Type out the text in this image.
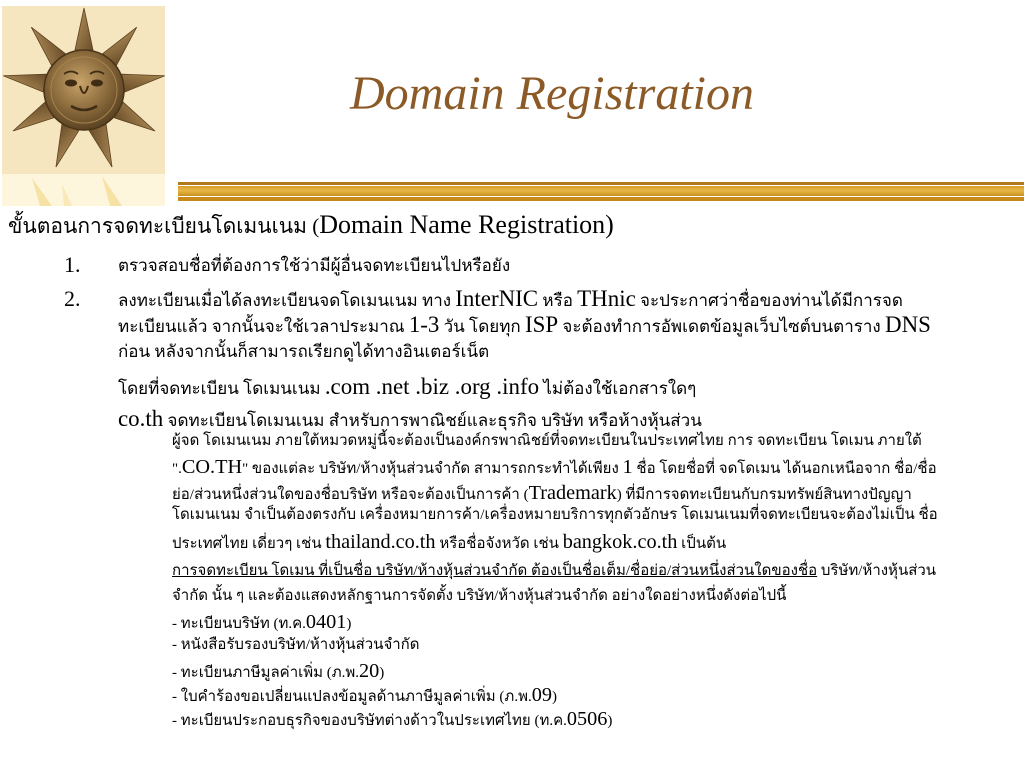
Domain Registration
ขั้นตอนการจดทะเบียนโดเมนเนม (Domain Name Registration)
1. ตรวจสอบชื่อที่ต้องการใช้ว่ามีผู้อื่นจดทะเบียนไปหรือยัง
2. ลงทะเบียนเมื่อได้ลงทะเบียนจดโดเมนเนม ทาง InterNIC หรือ THnic จะประกาศว่าชื่อของท่านได้มีการจด
ทะเบียนแล้ว จากนั้นจะใช้เวลาประมาณ 1-3 วัน โดยทุก ISP จะต้องทำการอัพเดตข้อมูลเว็บไซต์บนตาราง DNS
ก่อน หลังจากนั้นก็สามารถเรียกดูได้ทางอินเตอร์เน็ต
โดยที่จดทะเบียน โดเมนเนม .com .net .biz .org .info ไม่ต้องใช้เอกสารใดๆ
co.th จดทะเบียนโดเมนเนม สำหรับการพาณิชย์และธุรกิจ บริษัท หรือห้างหุ้นส่วน
ผู้จด โดเมนเนม ภายใต้หมวดหมู่นี้จะต้องเป็นองค์กรพาณิชย์ที่จดทะเบียนในประเทศไทย การ จดทะเบียน โดเมน ภายใต้
".CO.TH" ของแต่ละ บริษัท/ห้างหุ้นส่วนจำกัด สามารถกระทำได้เพียง 1 ชื่อ โดยชื่อที่ จดโดเมน ได้นอกเหนือจาก ชื่อ/ชื่อ
ย่อ/ส่วนหนึ่งส่วนใดของชื่อบริษัท หรือจะต้องเป็นการค้า (Trademark) ที่มีการจดทะเบียนกับกรมทรัพย์สินทางปัญญา
โดเมนเนม จำเป็นต้องตรงกับ เครื่องหมายการค้า/เครื่องหมายบริการทุกตัวอักษร โดเมนเนมที่จดทะเบียนจะต้องไม่เป็น ชื่อ
ประเทศไทย เดี่ยวๆ เช่น thailand.co.th หรือชื่อจังหวัด เช่น bangkok.co.th เป็นต้น
การจดทะเบียน โดเมน ที่เป็นชื่อ บริษัท/ห้างหุ้นส่วนจำกัด ต้องเป็นชื่อเต็ม/ชื่อย่อ/ส่วนหนึ่งส่วนใดของชื่อ บริษัท/ห้างหุ้นส่วน
จำกัด นั้น ๆ และต้องแสดงหลักฐานการจัดตั้ง บริษัท/ห้างหุ้นส่วนจำกัด อย่างใดอย่างหนึ่งดังต่อไปนี้
- ทะเบียนบริษัท (ท.ค.0401)
- หนังสือรับรองบริษัท/ห้างหุ้นส่วนจำกัด
- ทะเบียนภาษีมูลค่าเพิ่ม (ภ.พ.20)
- ใบคำร้องขอเปลี่ยนแปลงข้อมูลด้านภาษีมูลค่าเพิ่ม (ภ.พ.09)
- ทะเบียนประกอบธุรกิจของบริษัทต่างด้าวในประเทศไทย (ท.ค.0506)
